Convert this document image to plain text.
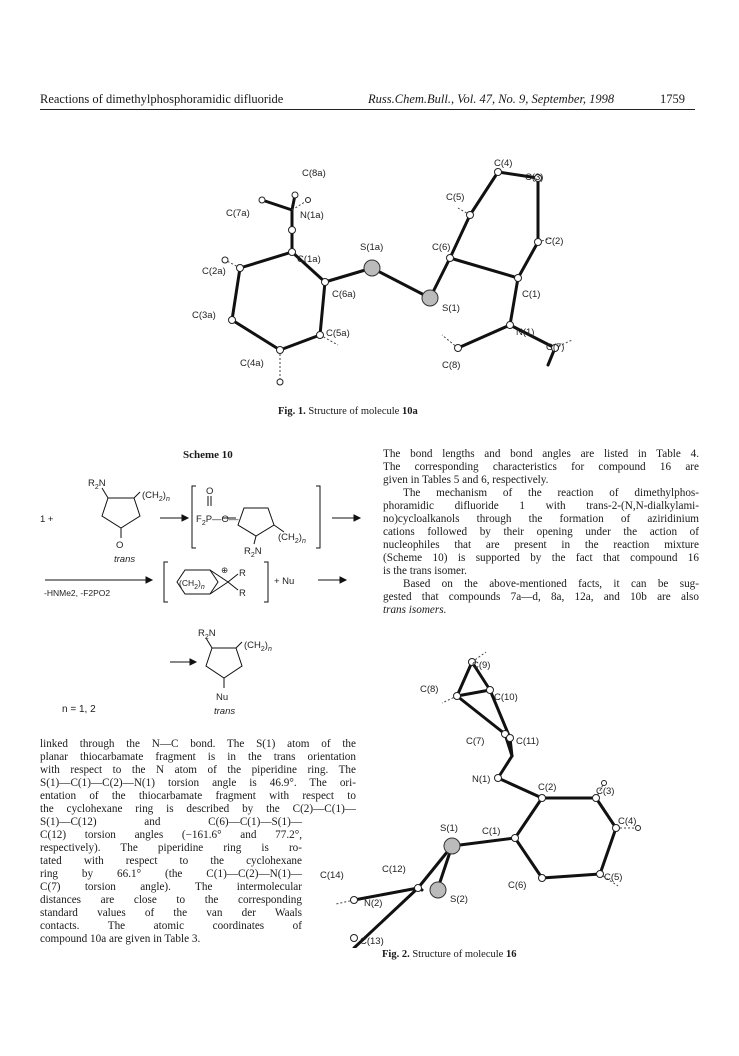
Reactions of dimethylphosphoramidic difluoride	Russ.Chem.Bull., Vol. 47, No. 9, September, 1998	1759
C(8a)
C(7a)	N(1a)
C(1a)
C(2a)
C(3a)
C(4a)
C(5a)
C(6a)
S(1a)	C(6)
C(5)
C(4)
C(3)
C(2)
C(1)
S(1)
N(1)
C(7)
C(8)
Fig. 1. Structure of molecule 10a
Scheme 10
1 +
$R_2N$
$(CH_2)_n$
O
trans
O
$F_2P—O—$
$(CH_2)_n$
$R_2N$
-HNMe2, -F2PO2
$(CH_2)_n$
⊕ R
R
+ Nu
$R_2N$
$(CH_2)_n$
Nu
trans
n = 1, 2
linked through the N—C bond. The S(1) atom of the
planar thiocarbamate fragment is in the trans orientation
with respect to the N atom of the piperidine ring. The
S(1)—C(1)—C(2)—N(1) torsion angle is 46.9°. The ori-
entation of the thiocarbamate fragment with respect to
the cyclohexane ring is described by the C(2)—C(1)—
S(1)—C(12) and C(6)—C(1)—S(1)—
C(12) torsion angles (−161.6° and 77.2°,
respectively). The piperidine ring is ro-
tated with respect to the cyclohexane
ring by 66.1° (the C(1)—C(2)—N(1)—
C(7) torsion angle). The intermolecular
distances are close to the corresponding
standard values of the van der Waals
contacts. The atomic coordinates of
compound 10a are given in Table 3.
The bond lengths and bond angles are listed in Table 4.
The corresponding characteristics for compound 16 are
given in Tables 5 and 6, respectively.
The mechanism of the reaction of dimethylphos-
phoramidic difluoride 1 with trans-2-(N,N-dialkylami-
no)cycloalkanols through the formation of aziridinium
cations followed by their opening under the action of
nucleophiles that are present in the reaction mixture
(Scheme 10) is supported by the fact that compound 16
is the trans isomer.
Based on the above-mentioned facts, it can be sug-
gested that compounds 7a—d, 8a, 12a, and 10b are also
trans isomers.
C(9)
C(8)
C(10)
C(7)	C(11)
N(1)
C(2)	C(3)
C(4)
S(1)	C(1)
C(5)
C(6)
C(12)
C(14)
S(2)
N(2)
C(13)
Fig. 2. Structure of molecule 16
